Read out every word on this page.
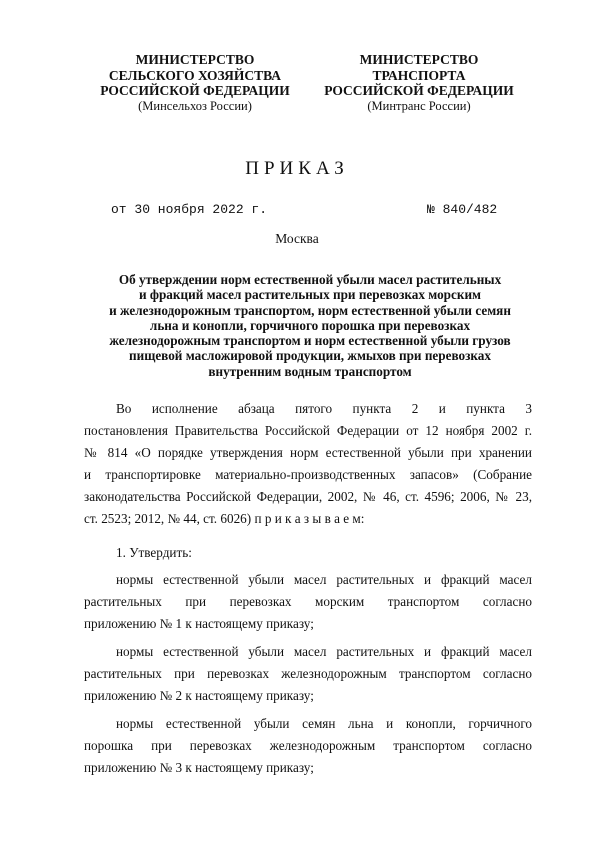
МИНИСТЕРСТВО
СЕЛЬСКОГО ХОЗЯЙСТВА
РОССИЙСКОЙ ФЕДЕРАЦИИ
(Минсельхоз России)
МИНИСТЕРСТВО
ТРАНСПОРТА
РОССИЙСКОЙ ФЕДЕРАЦИИ
(Минтранс России)
ПРИКАЗ
от 30 ноября 2022 г.	№ 840/482
Москва
Об утверждении норм естественной убыли масел растительных
и фракций масел растительных при перевозках морским
и железнодорожным транспортом, норм естественной убыли семян
льна и конопли, горчичного порошка при перевозках
железнодорожным транспортом и норм естественной убыли грузов
пищевой масложировой продукции, жмыхов при перевозках
внутренним водным транспортом
Во исполнение абзаца пятого пункта 2 и пункта 3
постановления Правительства Российской Федерации от 12 ноября 2002 г.
№ 814 «О порядке утверждения норм естественной убыли при хранении
и транспортировке материально-производственных запасов» (Собрание
законодательства Российской Федерации, 2002, № 46, ст. 4596; 2006, № 23,
ст. 2523; 2012, № 44, ст. 6026) п р и к а з ы в а е м:
1. Утвердить:
нормы естественной убыли масел растительных и фракций масел
растительных при перевозках морским транспортом согласно
приложению № 1 к настоящему приказу;
нормы естественной убыли масел растительных и фракций масел
растительных при перевозках железнодорожным транспортом согласно
приложению № 2 к настоящему приказу;
нормы естественной убыли семян льна и конопли, горчичного
порошка при перевозках железнодорожным транспортом согласно
приложению № 3 к настоящему приказу;
